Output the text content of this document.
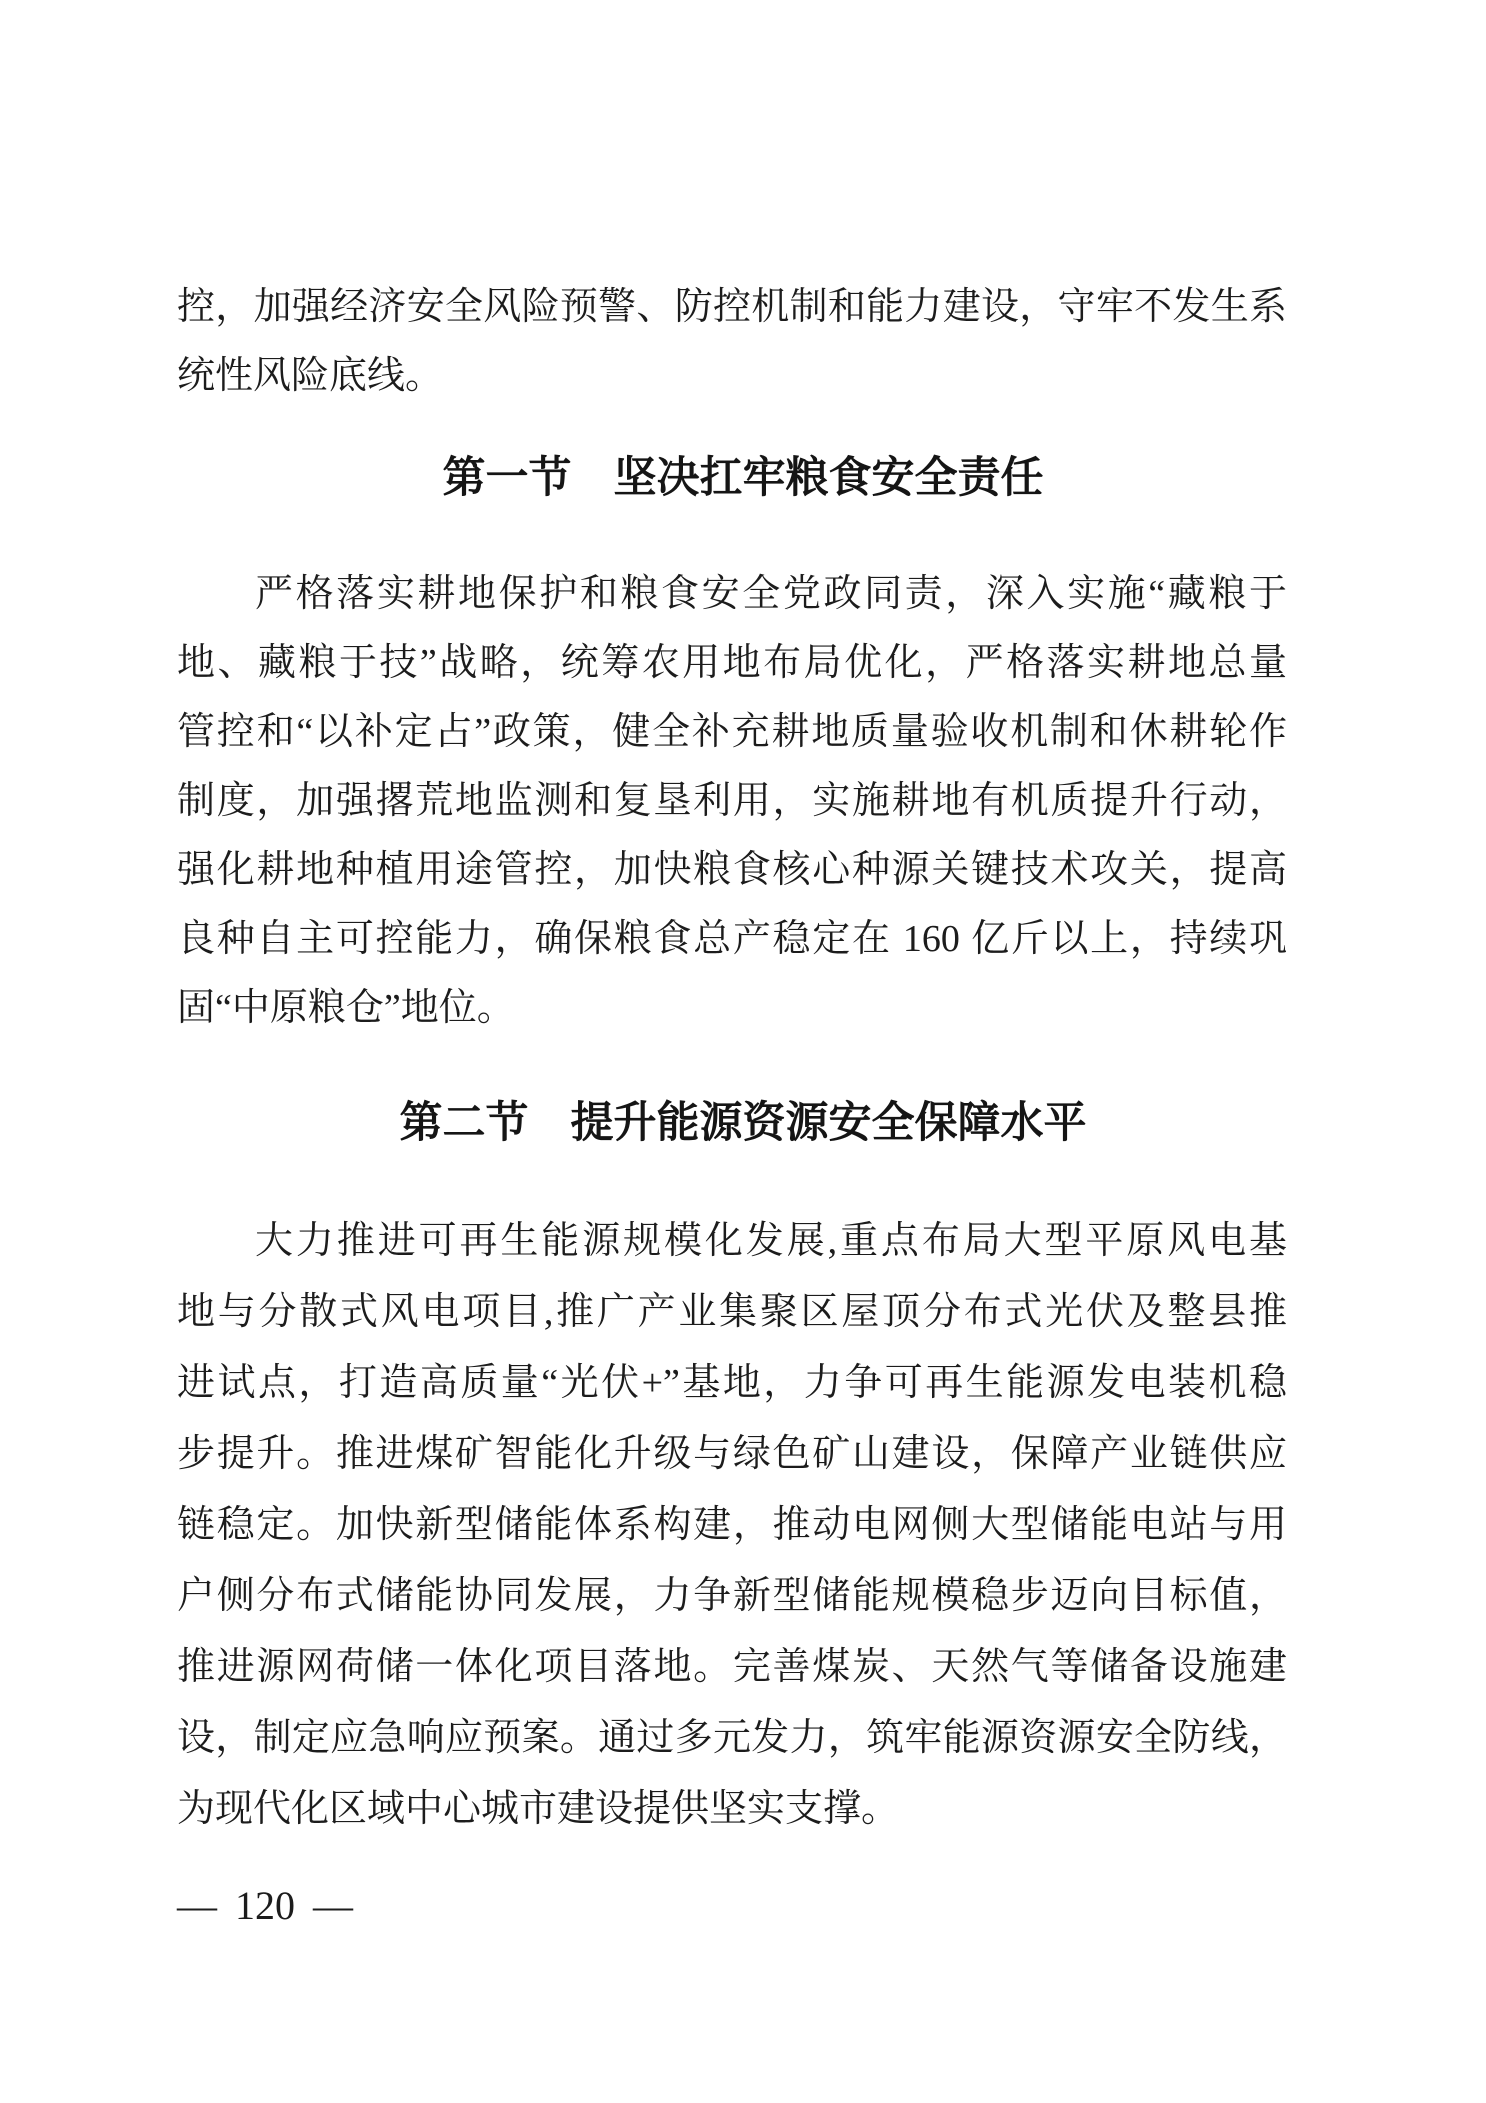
控，加强经济安全风险预警、防控机制和能力建设，守牢不发生系
统性风险底线。
第一节 坚决扛牢粮食安全责任
严格落实耕地保护和粮食安全党政同责，深入实施“藏粮于
地、藏粮于技”战略，统筹农用地布局优化，严格落实耕地总量
管控和“以补定占”政策，健全补充耕地质量验收机制和休耕轮作
制度，加强撂荒地监测和复垦利用，实施耕地有机质提升行动，
强化耕地种植用途管控，加快粮食核心种源关键技术攻关，提高
良种自主可控能力，确保粮食总产稳定在 160 亿斤以上，持续巩
固“中原粮仓”地位。
第二节 提升能源资源安全保障水平
大力推进可再生能源规模化发展,重点布局大型平原风电基
地与分散式风电项目,推广产业集聚区屋顶分布式光伏及整县推
进试点，打造高质量“光伏+”基地，力争可再生能源发电装机稳
步提升。推进煤矿智能化升级与绿色矿山建设，保障产业链供应
链稳定。加快新型储能体系构建，推动电网侧大型储能电站与用
户侧分布式储能协同发展，力争新型储能规模稳步迈向目标值，
推进源网荷储一体化项目落地。完善煤炭、天然气等储备设施建
设，制定应急响应预案。通过多元发力，筑牢能源资源安全防线，
为现代化区域中心城市建设提供坚实支撑。
— 120 —
